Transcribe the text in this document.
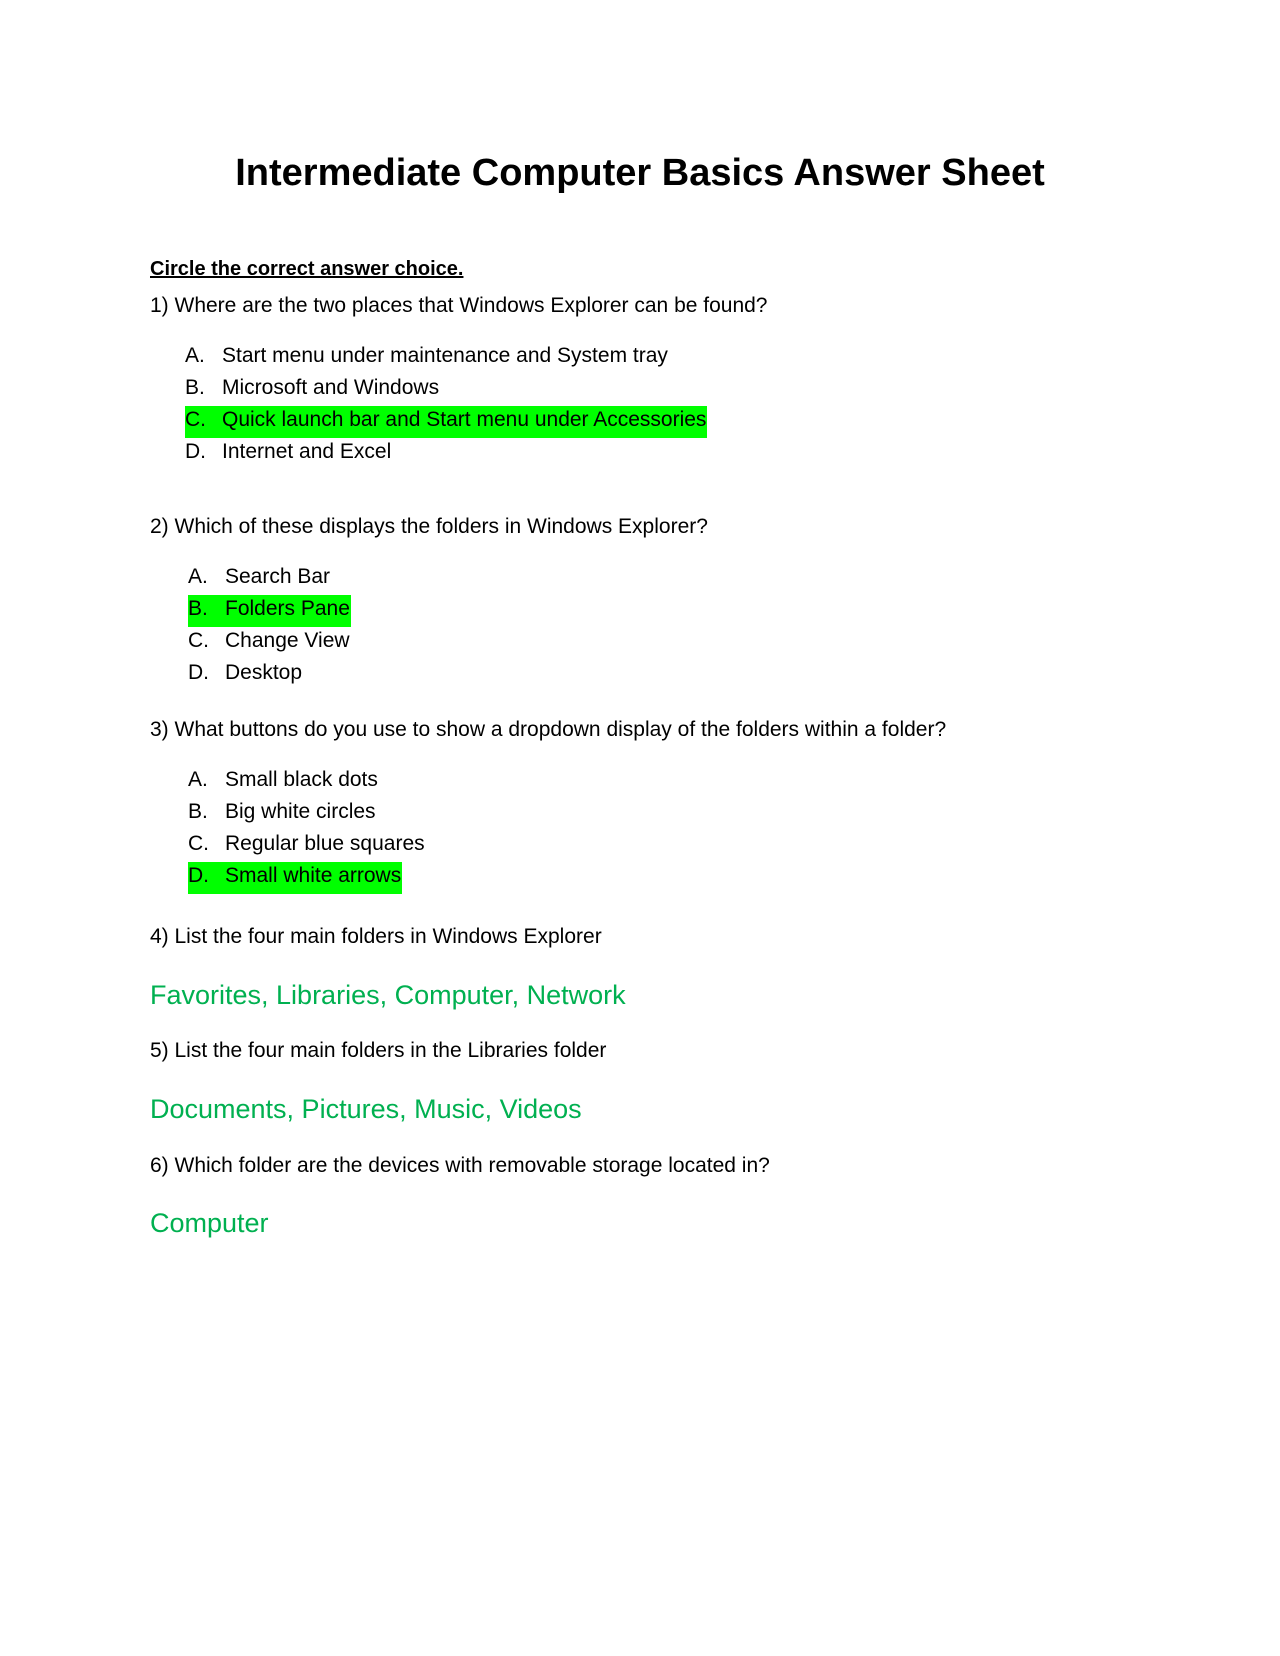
Intermediate Computer Basics Answer Sheet
Circle the correct answer choice.
1) Where are the two places that Windows Explorer can be found?
A. Start menu under maintenance and System tray
B. Microsoft and Windows
C. Quick launch bar and Start menu under Accessories
D. Internet and Excel
2) Which of these displays the folders in Windows Explorer?
A. Search Bar
B. Folders Pane
C. Change View
D. Desktop
3) What buttons do you use to show a dropdown display of the folders within a folder?
A. Small black dots
B. Big white circles
C. Regular blue squares
D. Small white arrows
4) List the four main folders in Windows Explorer
Favorites, Libraries, Computer, Network
5) List the four main folders in the Libraries folder
Documents, Pictures, Music, Videos
6) Which folder are the devices with removable storage located in?
Computer
